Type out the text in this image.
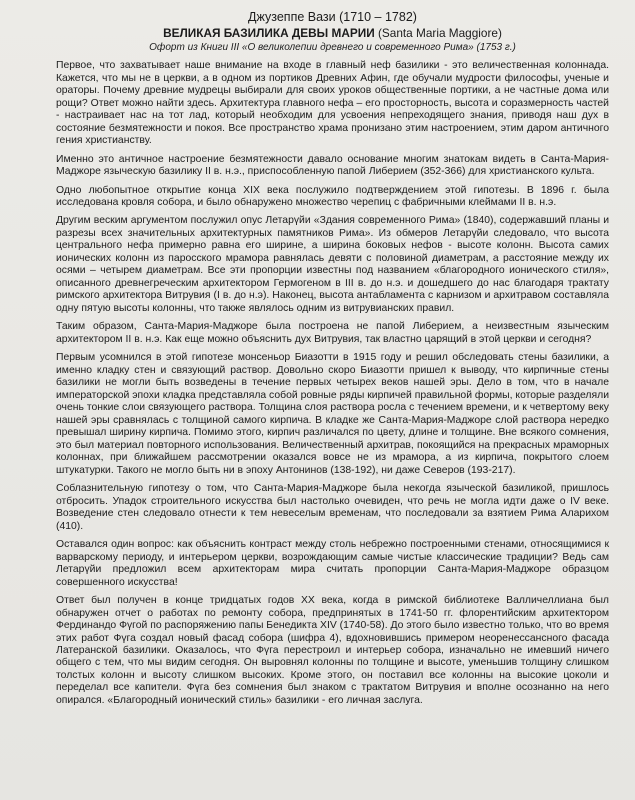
Джузеппе Вази (1710 – 1782)

ВЕЛИКАЯ БАЗИЛИКА ДЕВЫ МАРИИ (Santa Maria Maggiore)

Офорт из Книги III «О великолепии древнего и современного Рима» (1753 г.)

Первое, что захватывает наше внимание на входе в главный неф базилики - это величественная колоннада. Кажется, что мы не в церкви, а в одном из портиков Древних Афин, где обучали мудрости философы, ученые и ораторы. Почему древние мудрецы выбирали для своих уроков общественные портики, а не частные дома или рощи? Ответ можно найти здесь. Архитектура главного нефа – его просторность, высота и соразмерность частей - настраивает нас на тот лад, который необходим для усвоения непреходящего знания, приводя наш дух в состояние безмятежности и покоя. Все пространство храма пронизано этим настроением, этим даром античного гения христианству.

Именно это античное настроение безмятежности давало основание многим знатокам видеть в Санта-Мария-Маджоре языческую базилику II в. н.э., приспособленную папой Либерием (352-366) для христианского культа.

Одно любопытное открытие конца XIX века послужило подтверждением этой гипотезы. В 1896 г. была исследована кровля собора, и было обнаружено множество черепиц с фабричными клеймами II в. н.э.

Другим веским аргументом послужил опус Летарүйи «Здания современного Рима» (1840), содержавший планы и разрезы всех значительных архитектурных памятников Рима». Из обмеров Летарүйи следовало, что высота центрального нефа примерно равна его ширине, а ширина боковых нефов - высоте колонн. Высота самих ионических колонн из паросского мрамора равнялась девяти с половиной диаметрам, а расстояние между их осями – четырем диаметрам. Все эти пропорции известны под названием «благородного ионического стиля», описанного древнегреческим архитектором Гермогеном в III в. до н.э. и дошедшего до нас благодаря трактату римского архитектора Витрувия (I в. до н.э). Наконец, высота антабламента с карнизом и архитравом составляла одну пятую высоты колонны, что также являлось одним из витрувианских правил.

Таким образом, Санта-Мария-Маджоре была построена не папой Либерием, а неизвестным языческим архитектором II в. н.э. Как еще можно объяснить дух Витрувия, так властно царящий в этой церкви и сегодня?

Первым усомнился в этой гипотезе монсеньор Биазотти в 1915 году и решил обследовать стены базилики, а именно кладку стен и связующий раствор. Довольно скоро Биазотти пришел к выводу, что кирпичные стены базилики не могли быть возведены в течение первых четырех веков нашей эры. Дело в том, что в начале императорской эпохи кладка представляла собой ровные ряды кирпичей правильной формы, которые разделяли очень тонкие слои связующего раствора. Толщина слоя раствора росла с течением времени, и к четвертому веку нашей эры сравнялась с толщиной самого кирпича. В кладке же Санта-Мария-Маджоре слой раствора нередко превышал ширину кирпича. Помимо этого, кирпич различался по цвету, длине и толщине. Вне всякого сомнения, это был материал повторного использования. Величественный архитрав, покоящийся на прекрасных мраморных колоннах, при ближайшем рассмотрении оказался вовсе не из мрамора, а из кирпича, покрытого слоем штукатурки. Такого не могло быть ни в эпоху Антонинов (138-192), ни даже Северов (193-217).

Соблазнительную гипотезу о том, что Санта-Мария-Маджоре была некогда языческой базиликой, пришлось отбросить. Упадок строительного искусства был настолько очевиден, что речь не могла идти даже о IV веке. Возведение стен следовало отнести к тем невеселым временам, что последовали за взятием Рима Аларихом (410).

Оставался один вопрос: как объяснить контраст между столь небрежно построенными стенами, относящимися к варварскому периоду, и интерьером церкви, возрождающим самые чистые классические традиции? Ведь сам Летарүйи предложил всем архитекторам мира считать пропорции Санта-Мария-Маджоре образцом совершенного искусства!

Ответ был получен в конце тридцатых годов XX века, когда в римской библиотеке Валличеллиана был обнаружен отчет о работах по ремонту собора, предпринятых в 1741-50 гг. флорентийским архитектором Фердинандо Фүгой по распоряжению папы Бенедикта XIV (1740-58). До этого было известно только, что во время этих работ Фүга создал новый фасад собора (шифра 4), вдохновившись примером неоренессансного фасада Латеранской базилики. Оказалось, что Фүга перестроил и интерьер собора, изначально не имевший ничего общего с тем, что мы видим сегодня. Он выровнял колонны по толщине и высоте, уменьшив толщину слишком толстых колонн и высоту слишком высоких. Кроме этого, он поставил все колонны на высокие цоколи и переделал все капители. Фүга без сомнения был знаком с трактатом Витрувия и вполне осознанно на него опирался. «Благородный ионический стиль» базилики - его личная заслуга.
